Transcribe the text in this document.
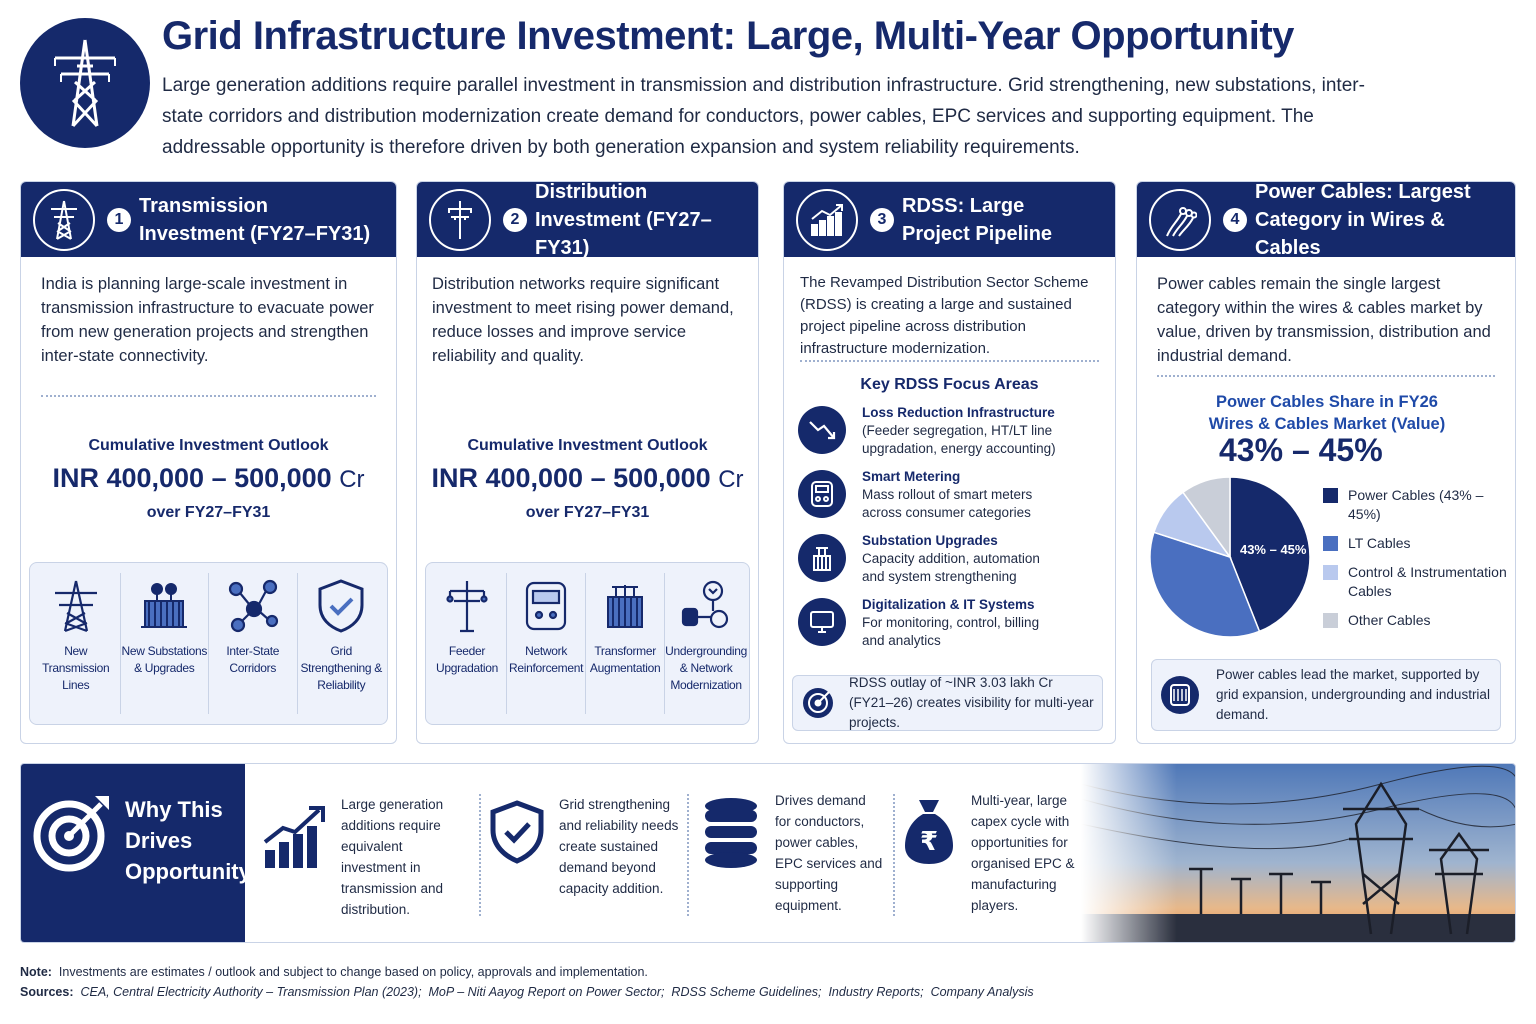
Grid Infrastructure Investment: Large, Multi-Year Opportunity
Large generation additions require parallel investment in transmission and distribution infrastructure. Grid strengthening, new substations, inter-state corridors and distribution modernization create demand for conductors, power cables, EPC services and supporting equipment. The addressable opportunity is therefore driven by both generation expansion and system reliability requirements.
1
Transmission Investment (FY27–FY31)
India is planning large-scale investment in transmission infrastructure to evacuate power from new generation projects and strengthen inter-state connectivity.
Cumulative Investment Outlook
INR 400,000 – 500,000 Cr
over FY27–FY31
New Transmission Lines
New Substations & Upgrades
Inter-State Corridors
Grid Strengthening & Reliability
2
Distribution Investment (FY27–FY31)
Distribution networks require significant investment to meet rising power demand, reduce losses and improve service reliability and quality.
Cumulative Investment Outlook
INR 400,000 – 500,000 Cr
over FY27–FY31
Feeder Upgradation
Network Reinforcement
Transformer Augmentation
Undergrounding & Network Modernization
3
RDSS: Large Project Pipeline
The Revamped Distribution Sector Scheme (RDSS) is creating a large and sustained project pipeline across distribution infrastructure modernization.
Key RDSS Focus Areas
Loss Reduction Infrastructure
(Feeder segregation, HT/LT line upgradation, energy accounting)
Smart Metering
Mass rollout of smart meters across consumer categories
Substation Upgrades
Capacity addition, automation and system strengthening
Digitalization & IT Systems
For monitoring, control, billing and analytics
RDSS outlay of ~INR 3.03 lakh Cr (FY21–26) creates visibility for multi-year projects.
4
Power Cables: Largest Category in Wires & Cables
Power cables remain the single largest category within the wires & cables market by value, driven by transmission, distribution and industrial demand.
Power Cables Share in FY26 Wires & Cables Market (Value)
43% – 45%
43% – 45%
Power Cables (43% – 45%)
LT Cables
Control & Instrumentation Cables
Other Cables
Power cables lead the market, supported by grid expansion, undergrounding and industrial demand.
Why This Drives Opportunity
Large generation additions require equivalent investment in transmission and distribution.
Grid strengthening and reliability needs create sustained demand beyond capacity addition.
Drives demand for conductors, power cables, EPC services and supporting equipment.
₹
Multi-year, large capex cycle with opportunities for organised EPC & manufacturing players.
Note: Investments are estimates / outlook and subject to change based on policy, approvals and implementation.
Sources: CEA, Central Electricity Authority – Transmission Plan (2023);  MoP – Niti Aayog Report on Power Sector;  RDSS Scheme Guidelines;  Industry Reports;  Company Analysis
